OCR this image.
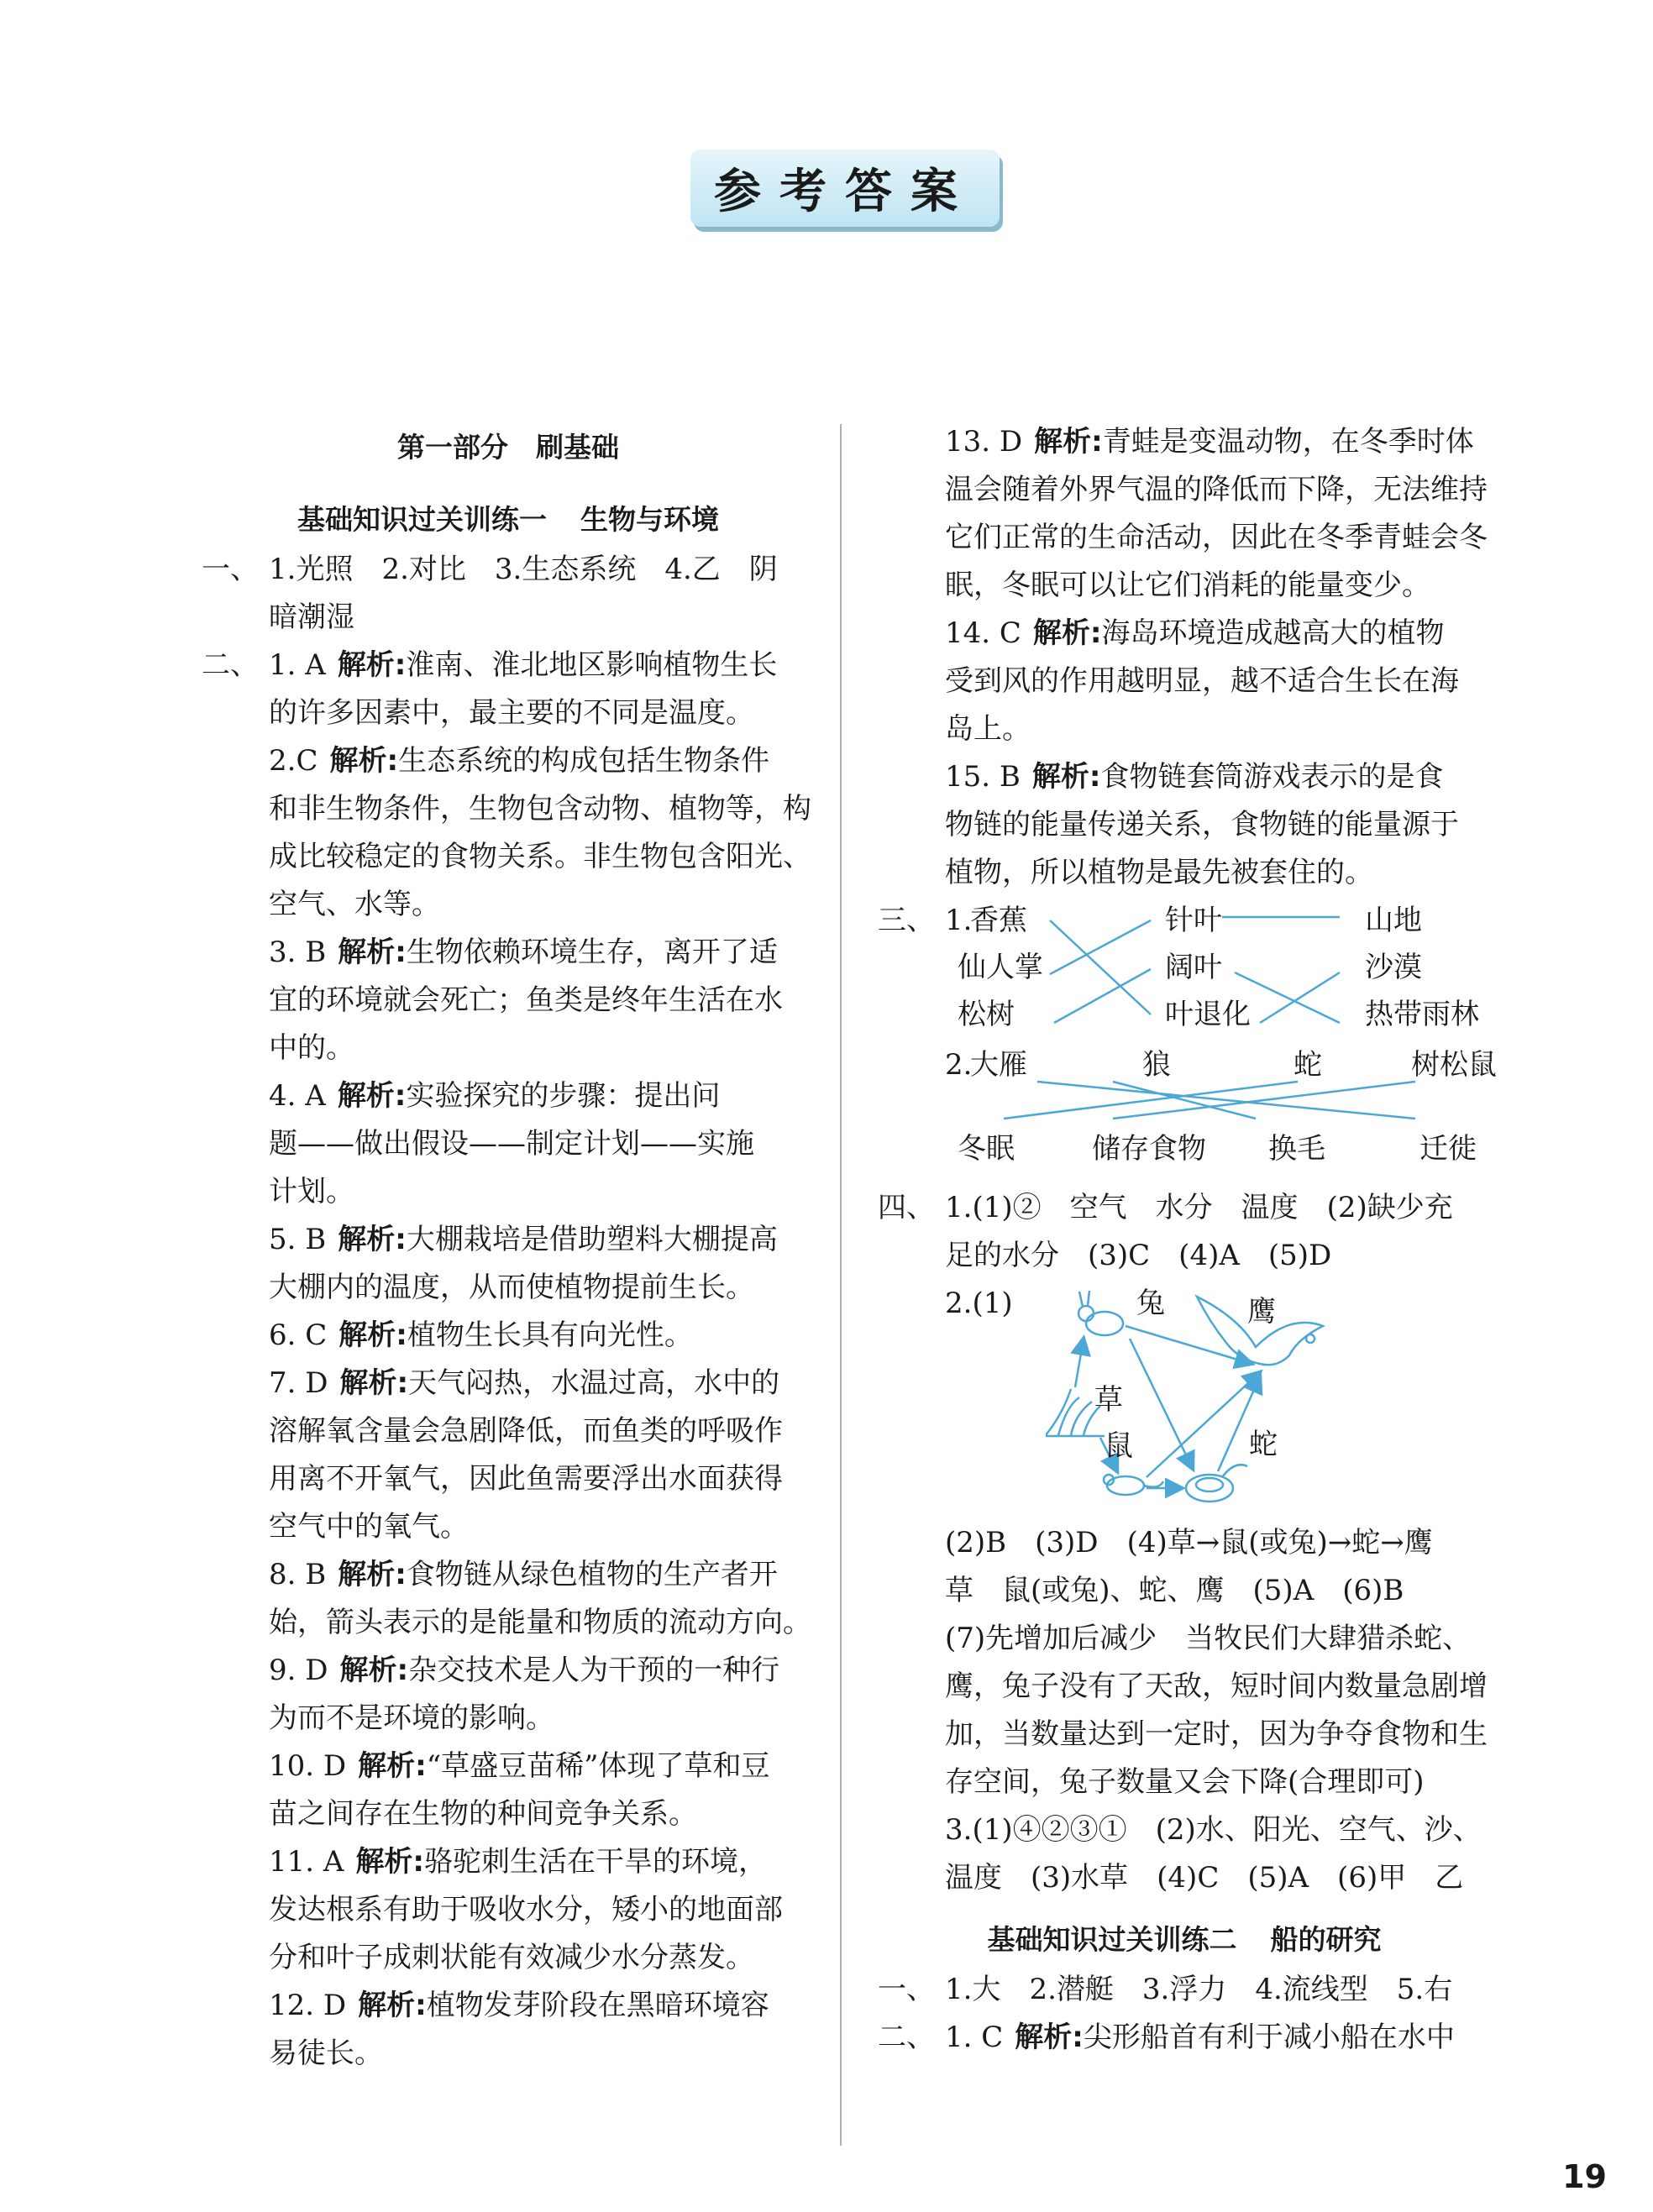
参考答案
第一部分　刷基础
基础知识过关训练一 生物与环境
一、 1.光照　2.对比　3.生态系统　4.乙　阴
暗潮湿
二、 1. A 解析:淮南、淮北地区影响植物生长
的许多因素中，最主要的不同是温度。
2.C 解析:生态系统的构成包括生物条件
和非生物条件，生物包含动物、植物等，构
成比较稳定的食物关系。非生物包含阳光、
空气、水等。
3. B 解析:生物依赖环境生存，离开了适
宜的环境就会死亡；鱼类是终年生活在水
中的。
4. A 解析:实验探究的步骤：提出问
题——做出假设——制定计划——实施
计划。
5. B 解析:大棚栽培是借助塑料大棚提高
大棚内的温度，从而使植物提前生长。
6. C 解析:植物生长具有向光性。
7. D 解析:天气闷热，水温过高，水中的
溶解氧含量会急剧降低，而鱼类的呼吸作
用离不开氧气，因此鱼需要浮出水面获得
空气中的氧气。
8. B 解析:食物链从绿色植物的生产者开
始，箭头表示的是能量和物质的流动方向。
9. D 解析:杂交技术是人为干预的一种行
为而不是环境的影响。
10. D 解析:“草盛豆苗稀”体现了草和豆
苗之间存在生物的种间竞争关系。
11. A 解析:骆驼刺生活在干旱的环境，
发达根系有助于吸收水分，矮小的地面部
分和叶子成刺状能有效减少水分蒸发。
12. D 解析:植物发芽阶段在黑暗环境容
易徒长。
13. D 解析:青蛙是变温动物，在冬季时体
温会随着外界气温的降低而下降，无法维持
它们正常的生命活动，因此在冬季青蛙会冬
眠，冬眠可以让它们消耗的能量变少。
14. C 解析:海岛环境造成越高大的植物
受到风的作用越明显，越不适合生长在海
岛上。
15. B 解析:食物链套筒游戏表示的是食
物链的能量传递关系，食物链的能量源于
植物，所以植物是最先被套住的。
三、 1.
香蕉
仙人掌
松树
针叶
阔叶
叶退化
山地
沙漠
热带雨林
2.
大雁	狼	蛇	树松鼠
冬眠	储存食物 换毛	迁徙
四、 1.(1)②　空气　水分　温度　(2)缺少充
足的水分　(3)C　(4)A　(5)D
2.(1)	兔	鹰
草
鼠	蛇
(2)B　(3)D　(4)草→鼠(或兔)→蛇→鹰
草　鼠(或兔)、蛇、鹰　(5)A　(6)B
(7)先增加后减少　当牧民们大肆猎杀蛇、
鹰，兔子没有了天敌，短时间内数量急剧增
加，当数量达到一定时，因为争夺食物和生
存空间，兔子数量又会下降(合理即可)
3.(1)④②③①　(2)水、阳光、空气、沙、
温度　(3)水草　(4)C　(5)A　(6)甲　乙
基础知识过关训练二 船的研究
一、 1.大　2.潜艇　3.浮力　4.流线型　5.右
二、 1. C 解析:尖形船首有利于减小船在水中
19
